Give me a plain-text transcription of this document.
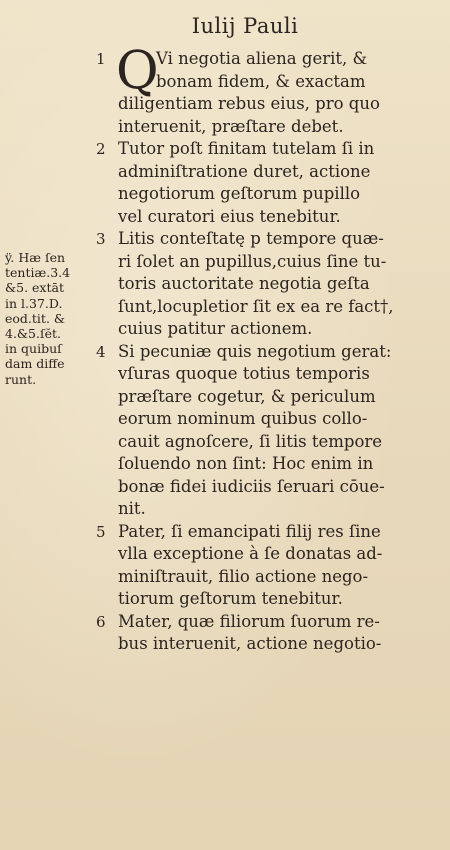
Iulij Pauli
ÿ. Hæ ſen
tentiæ.3.4
&5. extāt
in l.37.D.
eod.tit. &
4.&5.ſĕt.
in quibuſ
dam diffe
runt.
1 Q
Vi negotia aliena gerit, &
bonam fidem, & exactam
diligentiam rebus eius, pro quo
interuenit, præſtare debet.
2 Tutor poſt finitam tutelam ſi in
adminiſtratione duret, actione
negotiorum geſtorum pupillo
vel curatori eius tenebitur.
3 Litis conteſtatę p tempore quæ-
ri ſolet an pupillus,cuius ſine tu-
toris auctoritate negotia geſta
ſunt,locupletior ſit ex ea re fact†,
cuius patitur actionem.
4 Si pecuniæ quis negotium gerat:
vſuras quoque totius temporis
præſtare cogetur, & periculum
eorum nominum quibus collo-
cauit agnoſcere, ſi litis tempore
ſoluendo non ſint: Hoc enim in
bonæ fidei iudiciis ſeruari cōue-
nit.
5 Pater, ſi emancipati filij res ſine
vlla exceptione à ſe donatas ad-
miniſtrauit, filio actione nego-
tiorum geſtorum tenebitur.
6 Mater, quæ filiorum ſuorum re-
bus interuenit, actione negotio-
